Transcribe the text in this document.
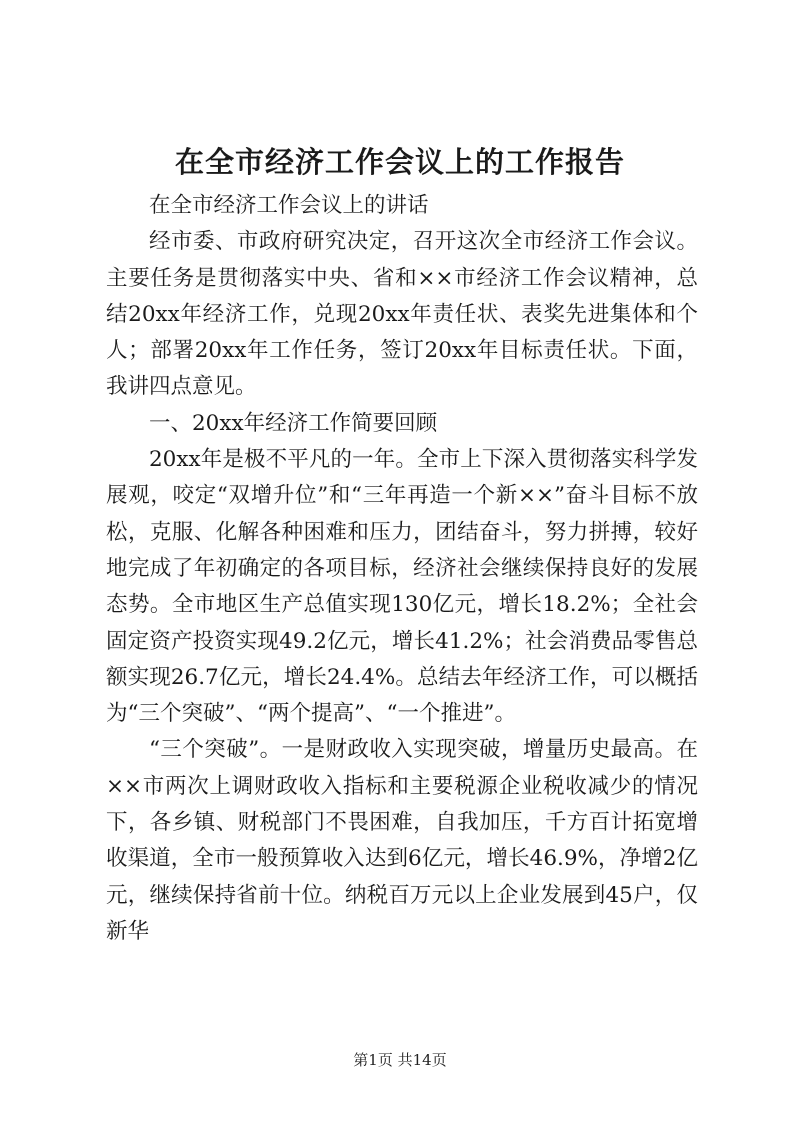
在全市经济工作会议上的工作报告

在全市经济工作会议上的讲话

经市委、市政府研究决定，召开这次全市经济工作会议。主要任务是贯彻落实中央、省和××市经济工作会议精神，总结20xx年经济工作，兑现20xx年责任状、表奖先进集体和个人；部署20xx年工作任务，签订20xx年目标责任状。下面，我讲四点意见。

一、20xx年经济工作简要回顾

20xx年是极不平凡的一年。全市上下深入贯彻落实科学发展观，咬定“双增升位”和“三年再造一个新××”奋斗目标不放松，克服、化解各种困难和压力，团结奋斗，努力拼搏，较好地完成了年初确定的各项目标，经济社会继续保持良好的发展态势。全市地区生产总值实现130亿元，增长18.2%；全社会固定资产投资实现49.2亿元，增长41.2%；社会消费品零售总额实现26.7亿元，增长24.4%。总结去年经济工作，可以概括为“三个突破”、“两个提高”、“一个推进”。

“三个突破”。一是财政收入实现突破，增量历史最高。在××市两次上调财政收入指标和主要税源企业税收减少的情况下，各乡镇、财税部门不畏困难，自我加压，千方百计拓宽增收渠道，全市一般预算收入达到6亿元，增长46.9%，净增2亿元，继续保持省前十位。纳税百万元以上企业发展到45户，仅新华

第1页 共14页
